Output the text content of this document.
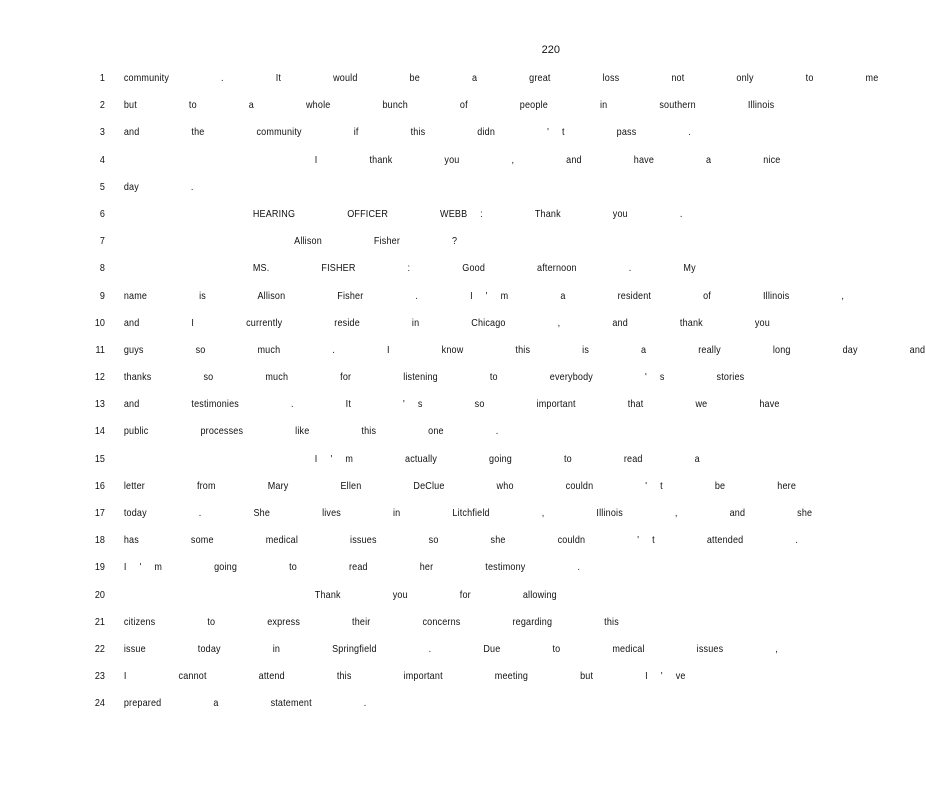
220
1 community    .    It    would    be    a    great    loss    not    only    to    me
2 but    to    a    whole    bunch    of    people    in    southern    Illinois
3 and    the    community    if    this    didn    ' t    pass    .
4	I    thank    you    ,    and    have    a    nice
5 day    .
6	HEARING    OFFICER    WEBB :    Thank    you    .
7	Allison    Fisher    ?
8	MS.    FISHER    :    Good    afternoon    .    My
9 name    is    Allison    Fisher    .    I ' m    a    resident    of    Illinois    ,
10 and    I    currently    reside    in    Chicago    ,    and    thank    you
11 guys    so    much    .    I    know    this    is    a    really    long    day    and
12 thanks    so    much    for    listening    to    everybody    ' s    stories
13 and    testimonies    .    It    ' s    so    important    that    we    have
14 public    processes    like    this    one    .
15	I ' m    actually    going    to    read    a
16 letter    from    Mary    Ellen    DeClue    who    couldn    ' t    be    here
17 today    .    She    lives    in    Litchfield    ,    Illinois    ,    and    she
18 has    some    medical    issues    so    she    couldn    ' t    attended    .
19 I ' m    going    to    read    her    testimony    .
20	Thank    you    for    allowing
21 citizens    to    express    their    concerns    regarding    this
22 issue    today    in    Springfield    .    Due    to    medical    issues    ,
23 I    cannot    attend    this    important    meeting    but    I ' ve
24 prepared    a    statement    .
